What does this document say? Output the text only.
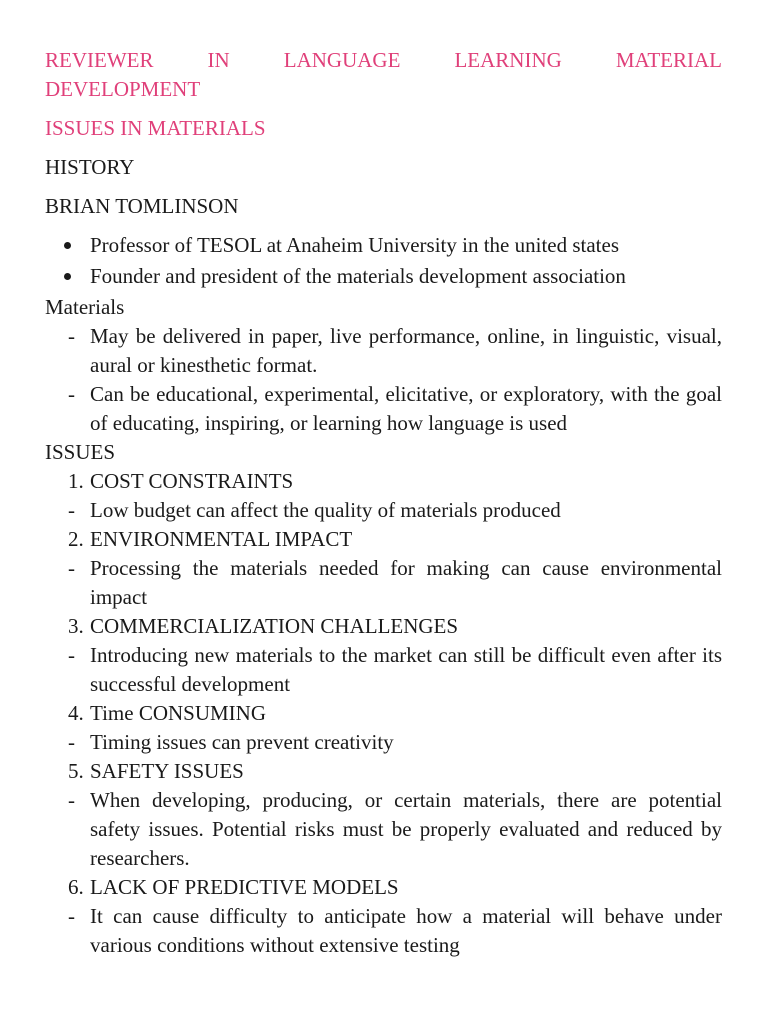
REVIEWER	IN	LANGUAGE	LEARNING	MATERIAL
DEVELOPMENT
ISSUES IN MATERIALS
HISTORY
BRIAN TOMLINSON
Professor of TESOL at Anaheim University in the united states
Founder and president of the materials development association
Materials
- May be delivered in paper, live performance, online, in linguistic, visual, aural or kinesthetic format.
- Can be educational, experimental, elicitative, or exploratory, with the goal of educating, inspiring, or learning how language is used
ISSUES
1. COST CONSTRAINTS
- Low budget can affect the quality of materials produced
2. ENVIRONMENTAL IMPACT
- Processing the materials needed for making can cause environmental impact
3. COMMERCIALIZATION CHALLENGES
- Introducing new materials to the market can still be difficult even after its successful development
4. Time CONSUMING
- Timing issues can prevent creativity
5. SAFETY ISSUES
- When developing, producing, or certain materials, there are potential safety issues. Potential risks must be properly evaluated and reduced by researchers.
6. LACK OF PREDICTIVE MODELS
- It can cause difficulty to anticipate how a material will behave under various conditions without extensive testing
